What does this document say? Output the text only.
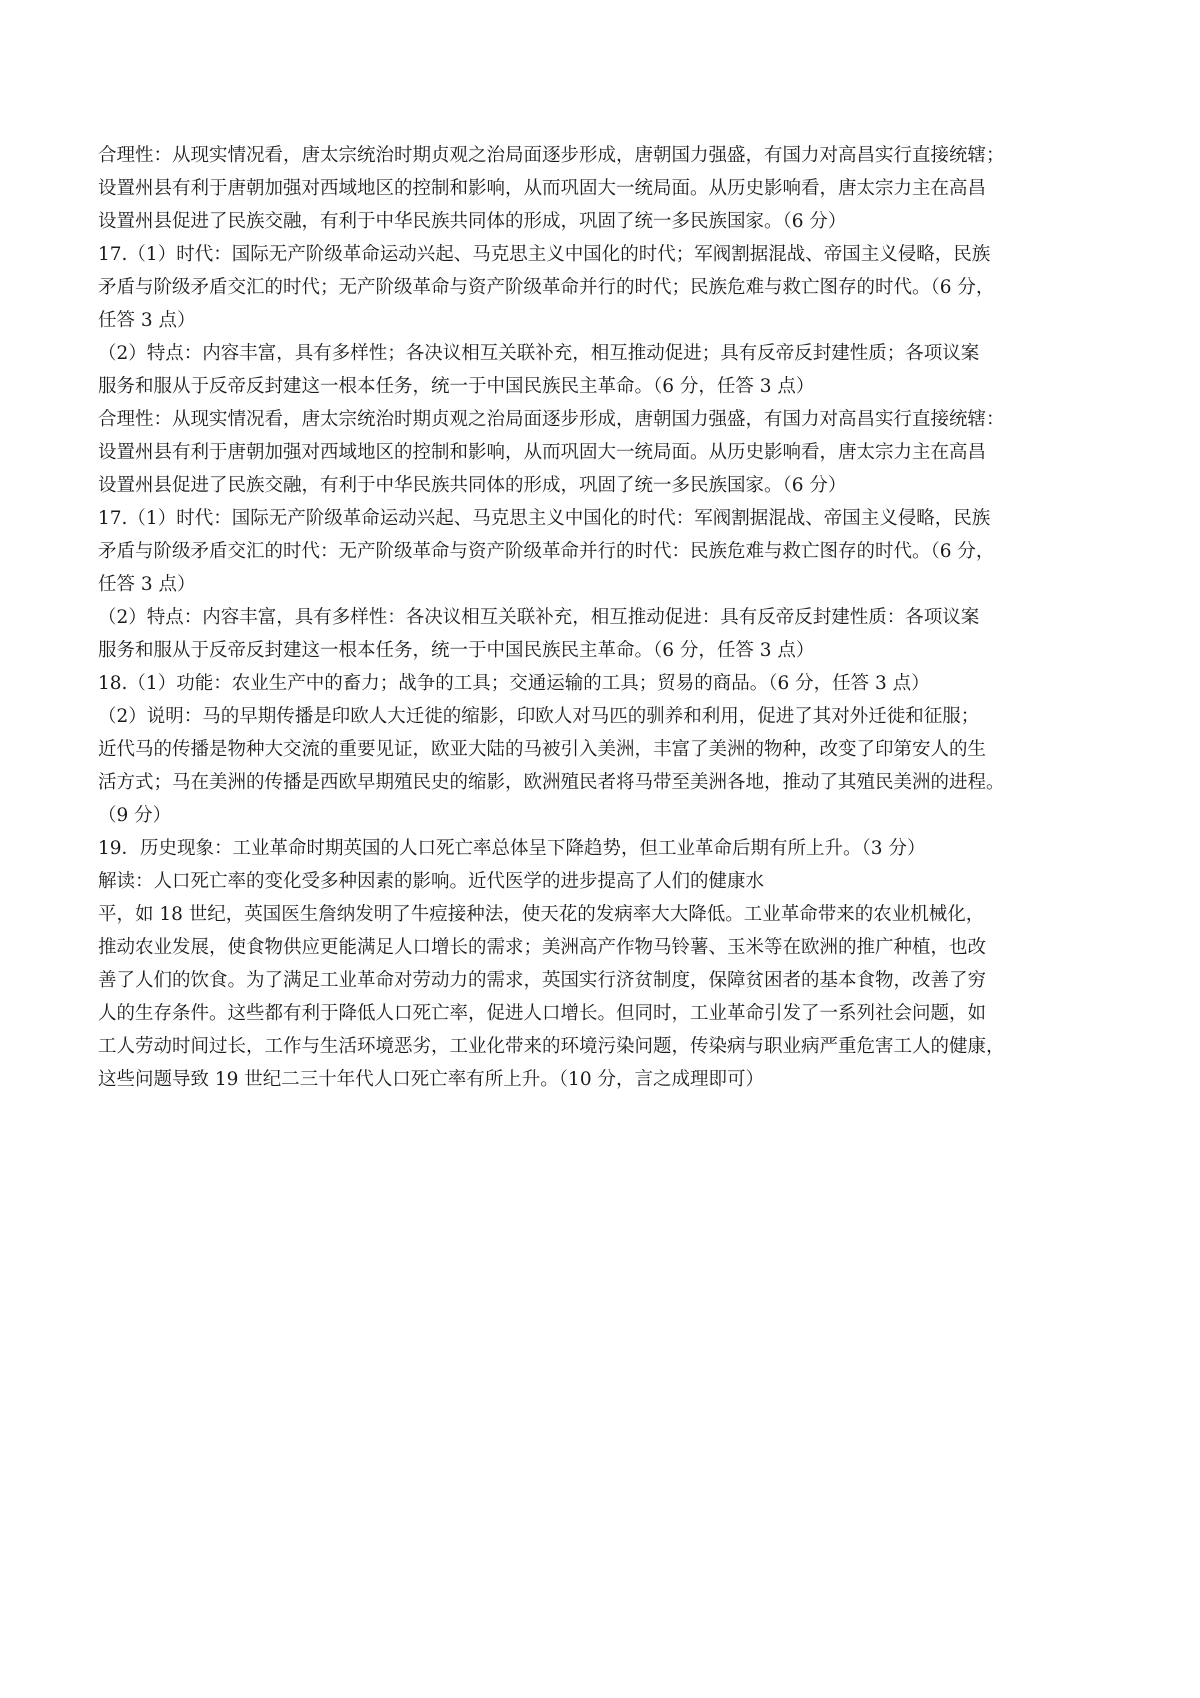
合理性：从现实情况看，唐太宗统治时期贞观之治局面逐步形成，唐朝国力强盛，有国力对高昌实行直接统辖；
设置州县有利于唐朝加强对西域地区的控制和影响，从而巩固大一统局面。从历史影响看，唐太宗力主在高昌
设置州县促进了民族交融，有利于中华民族共同体的形成，巩固了统一多民族国家。（6 分）
17.（1）时代：国际无产阶级革命运动兴起、马克思主义中国化的时代；军阀割据混战、帝国主义侵略，民族
矛盾与阶级矛盾交汇的时代；无产阶级革命与资产阶级革命并行的时代；民族危难与救亡图存的时代。（6 分，
任答 3 点）
（2）特点：内容丰富，具有多样性；各决议相互关联补充，相互推动促进；具有反帝反封建性质；各项议案
服务和服从于反帝反封建这一根本任务，统一于中国民族民主革命。（6 分，任答 3 点）
合理性：从现实情况看，唐太宗统治时期贞观之治局面逐步形成，唐朝国力强盛，有国力对高昌实行直接统辖：
设置州县有利于唐朝加强对西域地区的控制和影响，从而巩固大一统局面。从历史影响看，唐太宗力主在高昌
设置州县促进了民族交融，有利于中华民族共同体的形成，巩固了统一多民族国家。（6 分）
17.（1）时代：国际无产阶级革命运动兴起、马克思主义中国化的时代：军阀割据混战、帝国主义侵略，民族
矛盾与阶级矛盾交汇的时代：无产阶级革命与资产阶级革命并行的时代：民族危难与救亡图存的时代。（6 分，
任答 3 点）
（2）特点：内容丰富，具有多样性：各决议相互关联补充，相互推动促进：具有反帝反封建性质：各项议案
服务和服从于反帝反封建这一根本任务，统一于中国民族民主革命。（6 分，任答 3 点）
18.（1）功能：农业生产中的畜力；战争的工具；交通运输的工具；贸易的商品。（6 分，任答 3 点）
（2）说明：马的早期传播是印欧人大迁徙的缩影，印欧人对马匹的驯养和利用，促进了其对外迁徙和征服；
近代马的传播是物种大交流的重要见证，欧亚大陆的马被引入美洲，丰富了美洲的物种，改变了印第安人的生
活方式；马在美洲的传播是西欧早期殖民史的缩影，欧洲殖民者将马带至美洲各地，推动了其殖民美洲的进程。
（9 分）
19．历史现象：工业革命时期英国的人口死亡率总体呈下降趋势，但工业革命后期有所上升。（3 分）
解读：人口死亡率的变化受多种因素的影响。近代医学的进步提高了人们的健康水
平，如 18 世纪，英国医生詹纳发明了牛痘接种法，使天花的发病率大大降低。工业革命带来的农业机械化，
推动农业发展，使食物供应更能满足人口增长的需求；美洲高产作物马铃薯、玉米等在欧洲的推广种植，也改
善了人们的饮食。为了满足工业革命对劳动力的需求，英国实行济贫制度，保障贫困者的基本食物，改善了穷
人的生存条件。这些都有利于降低人口死亡率，促进人口增长。但同时，工业革命引发了一系列社会问题，如
工人劳动时间过长，工作与生活环境恶劣，工业化带来的环境污染问题，传染病与职业病严重危害工人的健康，
这些问题导致 19 世纪二三十年代人口死亡率有所上升。（10 分，言之成理即可）
